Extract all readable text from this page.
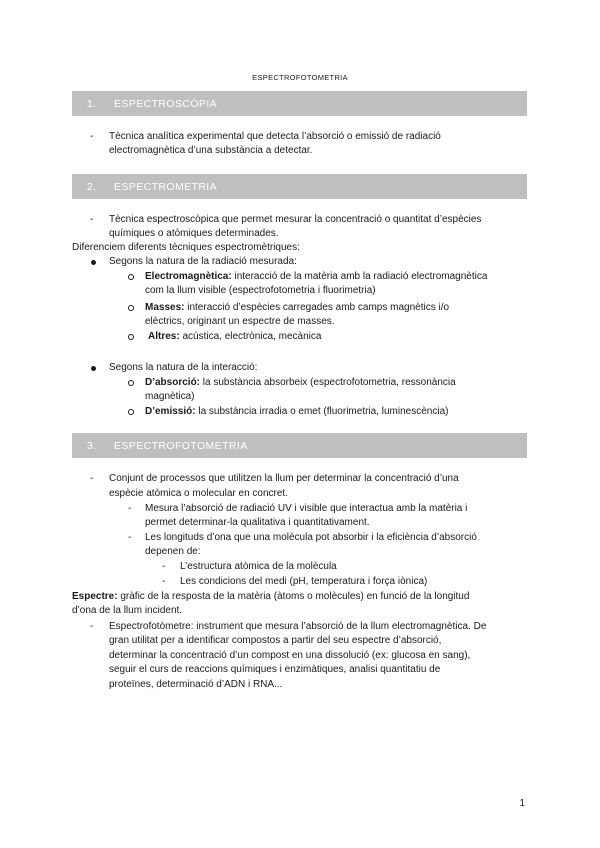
ESPECTROFOTOMETRIA
1. ESPECTROSCÒPIA
- Tècnica analítica experimental que detecta l’absorció o emissió de radiació
electromagnètica d’una substància a detectar.
2. ESPECTROMETRIA
- Tècnica espectroscòpica que permet mesurar la concentració o quantitat d’espècies
químiques o atòmiques determinades.
Diferenciem diferents tècniques espectromètriques:
Segons la natura de la radiació mesurada:
Electromagnètica: interacció de la matèria amb la radiació electromagnètica
com la llum visible (espectrofotometria i fluorimetria)
Masses: interacció d’espècies carregades amb camps magnètics i/o
elèctrics, originant un espectre de masses.
Altres: acústica, electrònica, mecànica
Segons la natura de la interacció:
D’absorció: la substància absorbeix (espectrofotometria, ressonància
magnètica)
D’emissió: la substància irradia o emet (fluorimetria, luminescència)
3. ESPECTROFOTOMETRIA
- Conjunt de processos que utilitzen la llum per determinar la concentració d’una
espècie atòmica o molecular en concret.
- Mesura l’absorció de radiació UV i visible que interactua amb la matèria i
permet determinar-la qualitativa i quantitativament.
- Les longituds d’ona que una molècula pot absorbir i la eficiència d’absorció
depenen de:
- L’estructura atòmica de la molècula
- Les condicions del medi (pH, temperatura i força iònica)
Espectre: gràfic de la resposta de la matèria (àtoms o molècules) en funció de la longitud
d’ona de la llum incident.
- Espectrofotòmetre: instrument que mesura l’absorció de la llum electromagnètica. De
gran utilitat per a identificar compostos a partir del seu espectre d’absorció,
determinar la concentració d’un compost en una dissolució (ex: glucosa en sang),
seguir el curs de reaccions químiques i enzimàtiques, analisi quantitatiu de
proteïnes, determinació d’ADN i RNA...
1
